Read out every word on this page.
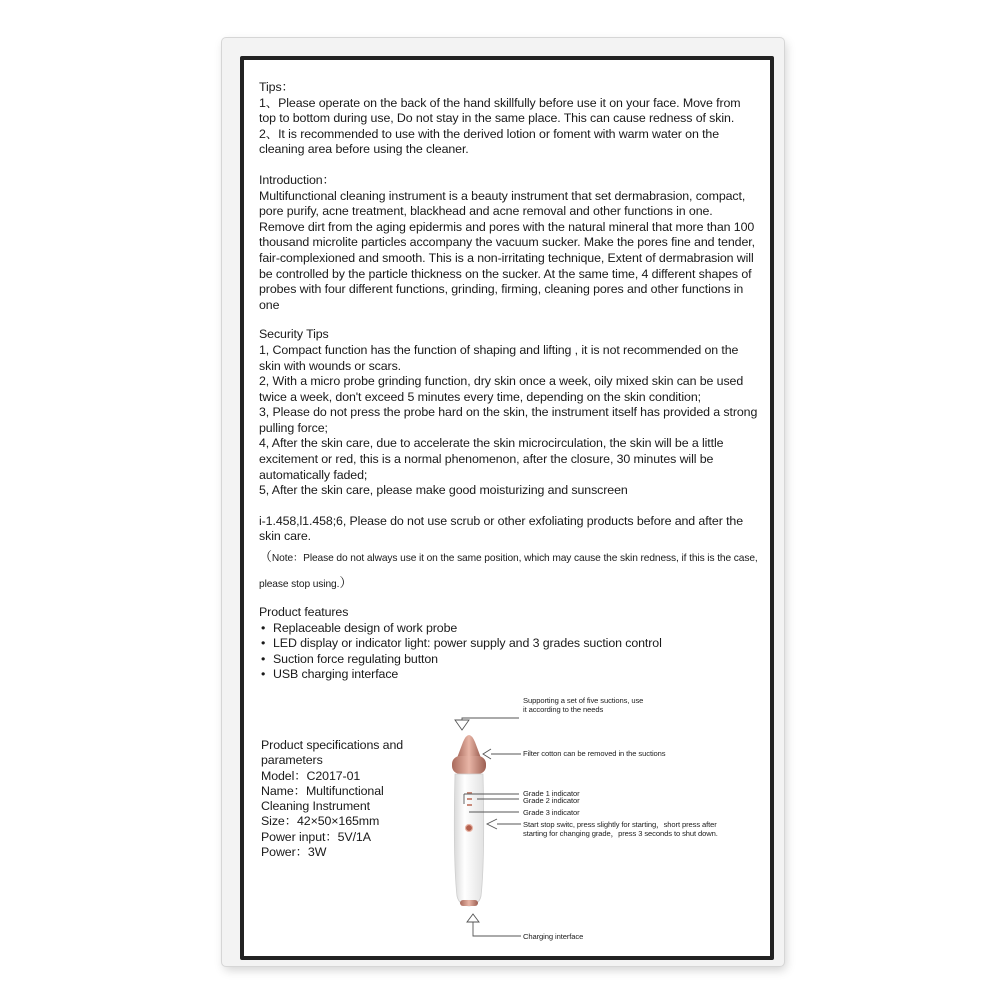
Tips：

1、Please operate on the back of the hand skillfully before use it on your face. Move from top to bottom during use, Do not stay in the same place. This can cause redness of skin.

2、It is recommended to use with the derived lotion or foment with warm water on the cleaning area before using the cleaner.

Introduction：

Multifunctional cleaning instrument is a beauty instrument that set dermabrasion, compact, pore purify, acne treatment, blackhead and acne removal and other functions in one. Remove dirt from the aging epidermis and pores with the natural mineral that more than 100 thousand microlite particles accompany the vacuum sucker. Make the pores fine and tender, fair-complexioned and smooth. This is a non-irritating technique, Extent of dermabrasion will be controlled by the particle thickness on the sucker. At the same time, 4 different shapes of probes with four different functions, grinding, firming, cleaning pores and other functions in one

Security Tips

1, Compact function has the function of shaping and lifting , it is not recommended on the skin with wounds or scars.

2, With a micro probe grinding function, dry skin once a week, oily mixed skin can be used twice a week, don't exceed 5 minutes every time, depending on the skin condition;

3, Please do not press the probe hard on the skin, the instrument itself has provided a strong pulling force;

4, After the skin care, due to accelerate the skin microcirculation, the skin will be a little excitement or red, this is a normal phenomenon, after the closure, 30 minutes will be automatically faded;

5, After the skin care, please make good moisturizing and sunscreen

i-1.458,l1.458;6, Please do not use scrub or other exfoliating products before and after the skin care.

（Note：Please do not always use it on the same position, which may cause the skin redness, if this is the case, please stop using.）

Product features

• Replaceable design of work probe
• LED display or indicator light: power supply and 3 grades suction control
• Suction force regulating button
• USB charging interface
Supporting a set of five suctions, use
it according to the needs
Filter cotton can be removed in the suctions
Grade 1 indicator
Grade 2 indicator
Grade 3 indicator
Start stop switc, press slightly for starting，short press after
starting for changing grade，press 3 seconds to shut down.
Charging interface

Product specifications and parameters

Model：C2017-01

Name：Multifunctional

Cleaning Instrument

Size：42×50×165mm

Power input：5V/1A

Power：3W
